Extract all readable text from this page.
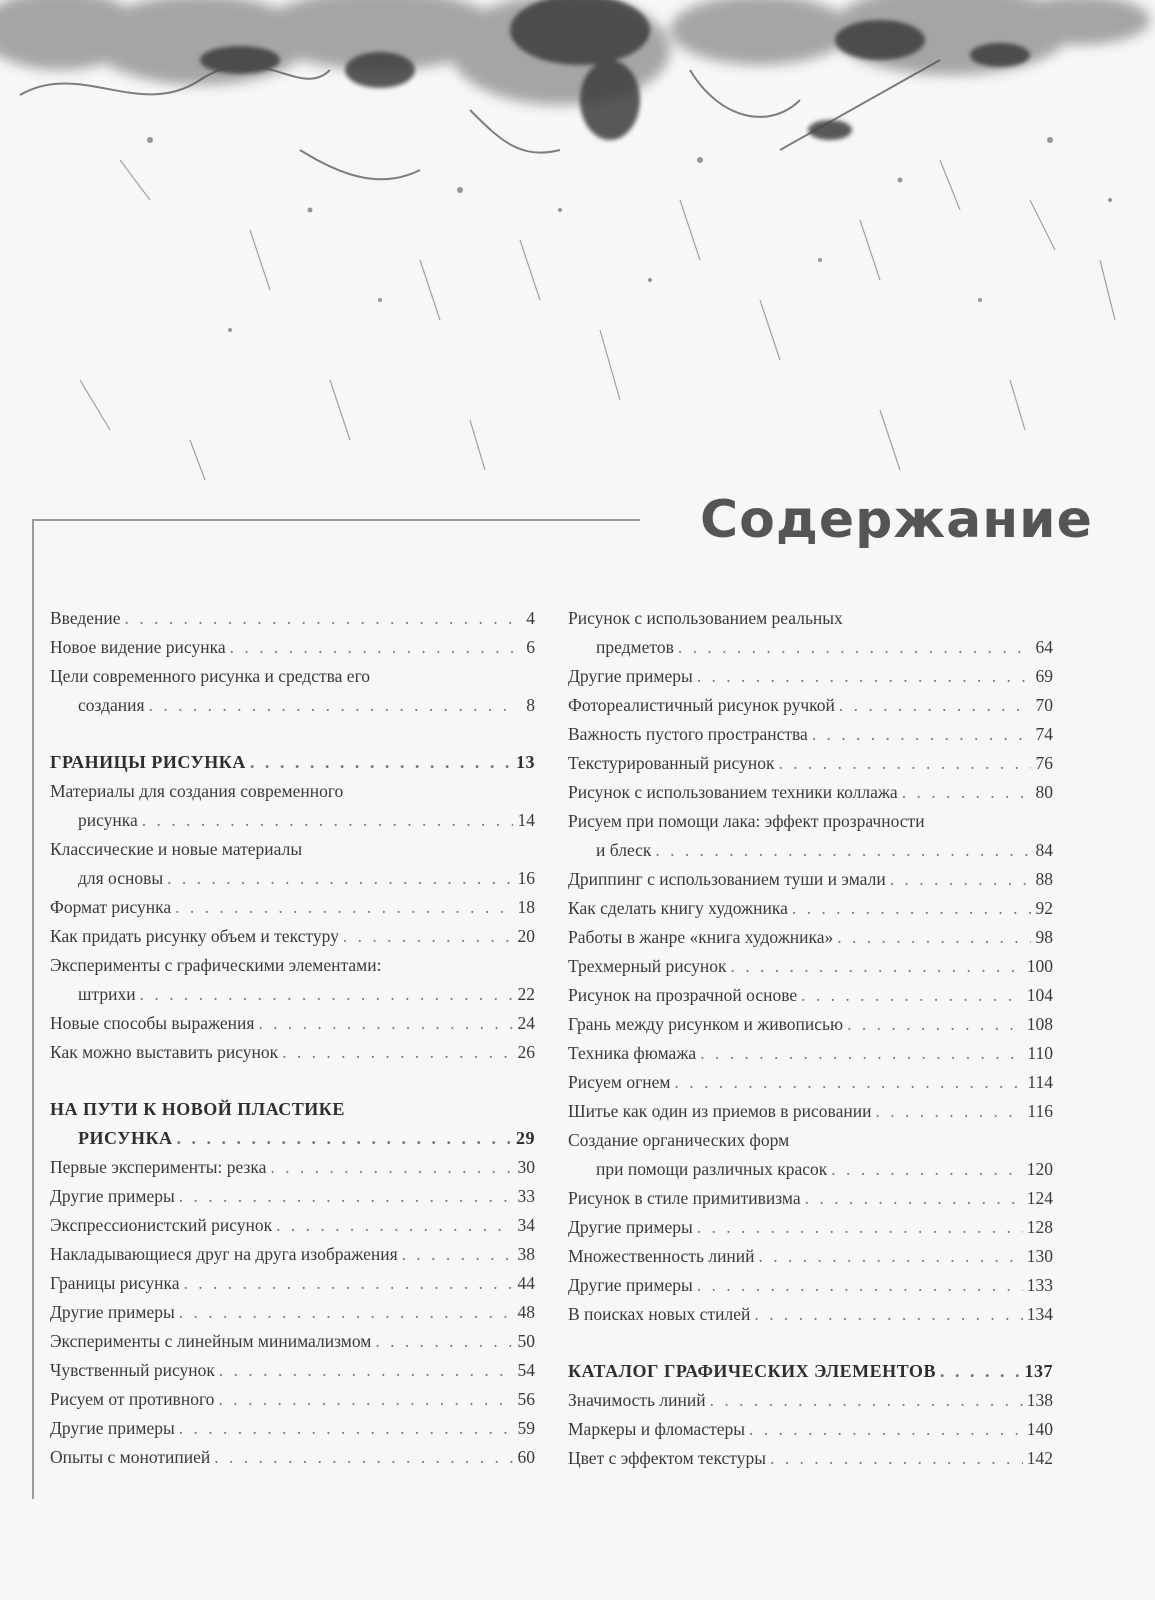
Содержание
Введение . . .	4
Новое видение рисунка . . .	6
Цели современного рисунка и средства его
создания . . .	8
ГРАНИЦЫ РИСУНКА . . .	13
Материалы для создания современного
рисунка . . .	14
Классические и новые материалы
для основы . . .	16
Формат рисунка . . .	18
Как придать рисунку объем и текстуру . . .	20
Эксперименты с графическими элементами:
штрихи . . .	22
Новые способы выражения . . .	24
Как можно выставить рисунок . . .	26
НА ПУТИ К НОВОЙ ПЛАСТИКЕ
РИСУНКА . . .	29
Первые эксперименты: резка . . .	30
Другие примеры . . .	33
Экспрессионистский рисунок . . .	34
Накладывающиеся друг на друга изображения . . .	38
Границы рисунка . . .	44
Другие примеры . . .	48
Эксперименты с линейным минимализмом . . .	50
Чувственный рисунок . . .	54
Рисуем от противного . . .	56
Другие примеры . . .	59
Опыты с монотипией . . .	60
Рисунок с использованием реальных
предметов . . .	64
Другие примеры . . .	69
Фотореалистичный рисунок ручкой . . .	70
Важность пустого пространства . . .	74
Текстурированный рисунок . . .	76
Рисунок с использованием техники коллажа . . .	80
Рисуем при помощи лака: эффект прозрачности
и блеск . . .	84
Дриппинг с использованием туши и эмали . . .	88
Как сделать книгу художника . . .	92
Работы в жанре «книга художника» . . .	98
Трехмерный рисунок . . .	100
Рисунок на прозрачной основе . . .	104
Грань между рисунком и живописью . . .	108
Техника фюмажа . . .	110
Рисуем огнем . . .	114
Шитье как один из приемов в рисовании . . .	116
Создание органических форм
при помощи различных красок . . .	120
Рисунок в стиле примитивизма . . .	124
Другие примеры . . .	128
Множественность линий . . .	130
Другие примеры . . .	133
В поисках новых стилей . . .	134
КАТАЛОГ ГРАФИЧЕСКИХ ЭЛЕМЕНТОВ . . .	137
Значимость линий . . .	138
Маркеры и фломастеры . . .	140
Цвет с эффектом текстуры . . .	142
